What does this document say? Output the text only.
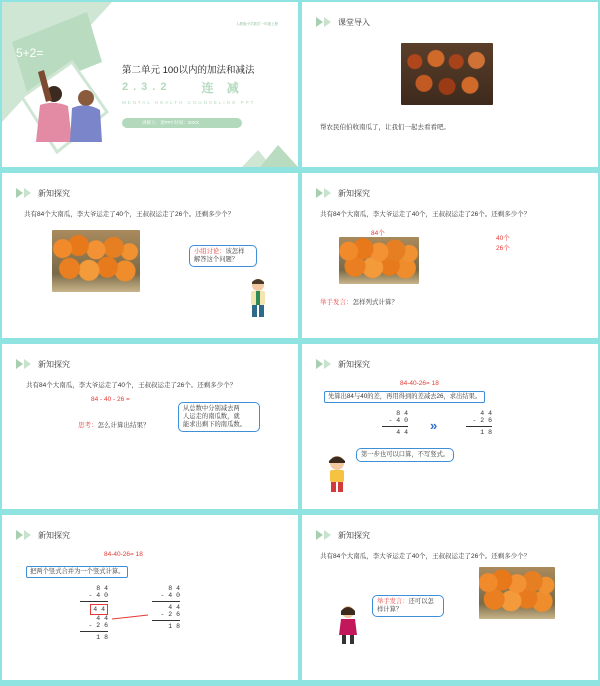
5+2=
人教版小学数学一年级上册
第二单元 100以内的加法和减法
2.3.2	连    减
MENTAL HEALTH COUNSELING PPT
讲解人：麦PPT 时间：20XX
课堂导入
帮农民伯伯收南瓜了，让我们一起去看看吧。
新知探究
共有84个大南瓜，李大爷运走了40个，王叔叔运走了26个。还剩多少个？
小组讨论：该怎样
解答这个问题？
新知探究
共有84个大南瓜，李大爷运走了40个，王叔叔运走了26个。还剩多少个？
84个
40个
26个
举手发言：怎样列式计算？
新知探究
共有84个大南瓜，李大爷运走了40个，王叔叔运走了26个。还剩多少个？
84 - 40 - 26 =
思考：怎么计算出结果？
从总数中分别减去两
人运走的南瓜数，就
能求出剩下的南瓜数。
新知探究
84-40-26= 18
先算出84与40的差，再用得到的差减去26，求出结果。
8 4
- 4 0
4 4 »
4 4
- 2 6
1 8
第一步也可以口算，不写竖式。
新知探究
84-40-26= 18
把两个竖式合并为一个竖式计算。
8 4
- 4 0
4 4
4 4
- 2 6
1 8
8 4
- 4 0
4 4
- 2 6
1 8
新知探究
共有84个大南瓜，李大爷运走了40个，王叔叔运走了26个。还剩多少个？
举手发言：还可以怎
样计算？
